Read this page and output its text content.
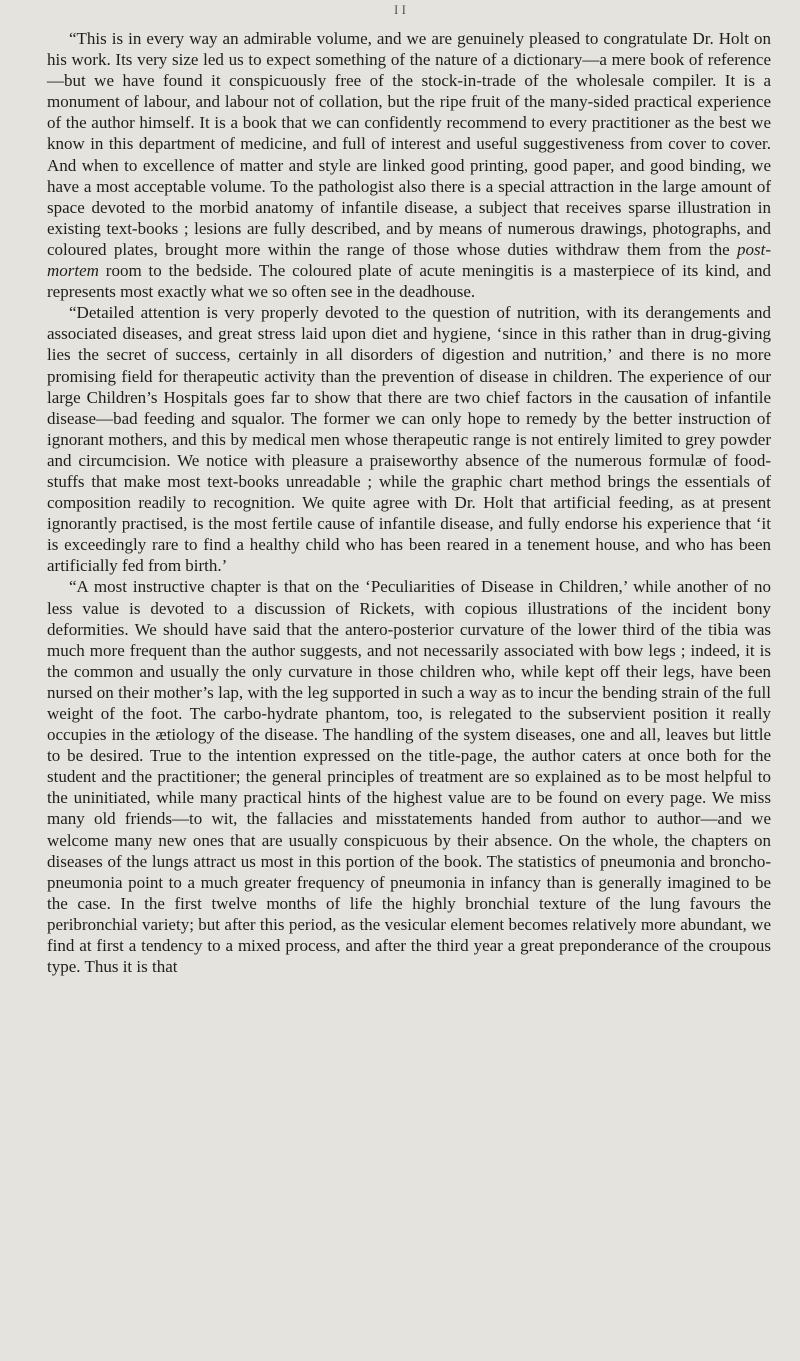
I I

“This is in every way an admirable volume, and we are genuinely pleased to congratulate Dr. Holt on his work. Its very size led us to expect something of the nature of a dictionary—a mere book of reference—but we have found it conspicuously free of the stock-in-trade of the wholesale compiler. It is a monument of labour, and labour not of collation, but the ripe fruit of the many-sided practical experience of the author himself. It is a book that we can confidently recommend to every practitioner as the best we know in this department of medicine, and full of interest and useful suggestiveness from cover to cover. And when to excellence of matter and style are linked good printing, good paper, and good binding, we have a most acceptable volume. To the pathologist also there is a special attraction in the large amount of space devoted to the morbid anatomy of infantile disease, a subject that receives sparse illustration in existing text-books ; lesions are fully described, and by means of numerous drawings, photographs, and coloured plates, brought more within the range of those whose duties withdraw them from the post-mortem room to the bedside. The coloured plate of acute meningitis is a masterpiece of its kind, and represents most exactly what we so often see in the deadhouse.

“Detailed attention is very properly devoted to the question of nutrition, with its derangements and associated diseases, and great stress laid upon diet and hygiene, ‘since in this rather than in drug-giving lies the secret of success, certainly in all disorders of digestion and nutrition,’ and there is no more promising field for therapeutic activity than the prevention of disease in children. The experience of our large Children’s Hospitals goes far to show that there are two chief factors in the causation of infantile disease—bad feeding and squalor. The former we can only hope to remedy by the better instruction of ignorant mothers, and this by medical men whose therapeutic range is not entirely limited to grey powder and circumcision. We notice with pleasure a praiseworthy absence of the numerous formulæ of food-stuffs that make most text-books unreadable ; while the graphic chart method brings the essentials of composition readily to recognition. We quite agree with Dr. Holt that artificial feeding, as at present ignorantly practised, is the most fertile cause of infantile disease, and fully endorse his experience that ‘it is exceedingly rare to find a healthy child who has been reared in a tenement house, and who has been artificially fed from birth.’

“A most instructive chapter is that on the ‘Peculiarities of Disease in Children,’ while another of no less value is devoted to a discussion of Rickets, with copious illustrations of the incident bony deformities. We should have said that the antero-posterior curvature of the lower third of the tibia was much more frequent than the author suggests, and not necessarily associated with bow legs ; indeed, it is the common and usually the only curvature in those children who, while kept off their legs, have been nursed on their mother’s lap, with the leg supported in such a way as to incur the bending strain of the full weight of the foot. The carbo-hydrate phantom, too, is relegated to the subservient position it really occupies in the ætiology of the disease. The handling of the system diseases, one and all, leaves but little to be desired. True to the intention expressed on the title-page, the author caters at once both for the student and the practitioner; the general principles of treatment are so explained as to be most helpful to the uninitiated, while many practical hints of the highest value are to be found on every page. We miss many old friends—to wit, the fallacies and misstatements handed from author to author—and we welcome many new ones that are usually conspicuous by their absence. On the whole, the chapters on diseases of the lungs attract us most in this portion of the book. The statistics of pneumonia and broncho-pneumonia point to a much greater frequency of pneumonia in infancy than is generally imagined to be the case. In the first twelve months of life the highly bronchial texture of the lung favours the peribronchial variety; but after this period, as the vesicular element becomes relatively more abundant, we find at first a tendency to a mixed process, and after the third year a great preponderance of the croupous type. Thus it is that
